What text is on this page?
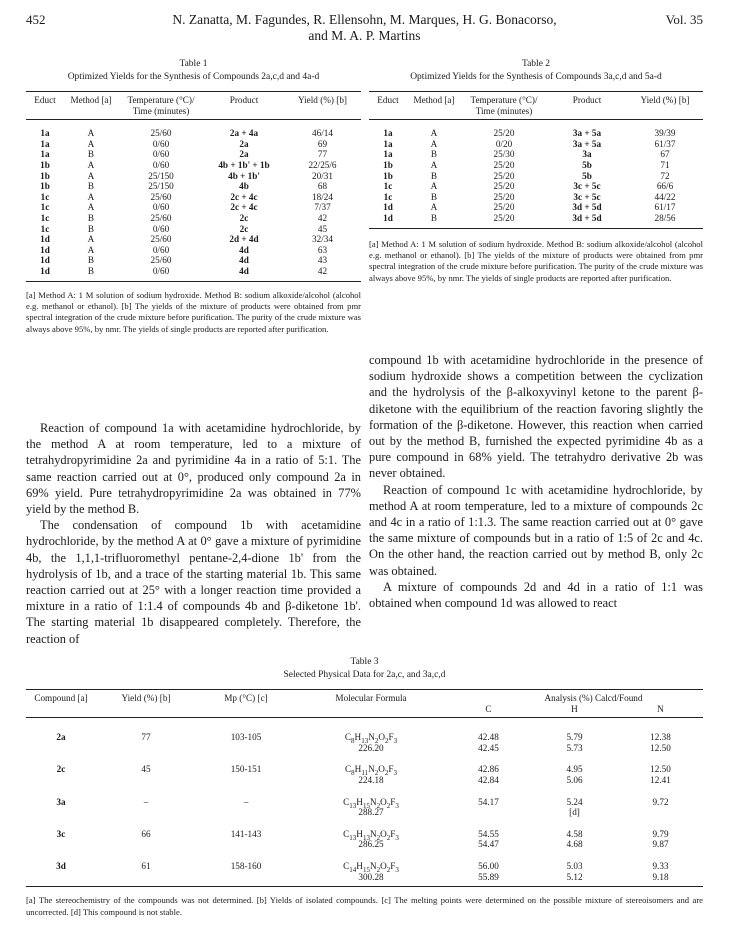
452	N. Zanatta, M. Fagundes, R. Ellensohn, M. Marques, H. G. Bonacorso,
and M. A. P. Martins
Vol. 35
Table 1
Optimized Yields for the Synthesis of Compounds 2a,c,d and 4a-d
Educt	Method [a]	Temperature (°C)/ Time (minutes)	Product	Yield (%) [b]
1a	A	25/60	2a + 4a	46/14
1a	A	0/60	2a	69
1a	B	0/60	2a	77
1b	A	0/60	4b + 1b' + 1b	22/25/6
1b	A	25/150	4b + 1b'	20/31
1b	B	25/150	4b	68
1c	A	25/60	2c + 4c	18/24
1c	A	0/60	2c + 4c	7/37
1c	B	25/60	2c	42
1c	B	0/60	2c	45
1d	A	25/60	2d + 4d	32/34
1d	A	0/60	4d	63
1d	B	25/60	4d	43
1d	B	0/60	4d	42
[a] Method A: 1 M solution of sodium hydroxide. Method B: sodium alkoxide/alcohol (alcohol e.g. methanol or ethanol). [b] The yields of the mixture of products were obtained from pmr spectral integration of the crude mixture before purification. The purity of the crude mixture was always above 95%, by nmr. The yields of single products are reported after purification.
Table 2
Optimized Yields for the Synthesis of Compounds 3a,c,d and 5a-d
Educt	Method [a]	Temperature (°C)/ Time (minutes)	Product	Yield (%) [b]
1a	A	25/20	3a + 5a	39/39
1a	A	0/20	3a + 5a	61/37
1a	B	25/30	3a	67
1b	A	25/20	5b	71
1b	B	25/20	5b	72
1c	A	25/20	3c + 5c	66/6
1c	B	25/20	3c + 5c	44/22
1d	A	25/20	3d + 5d	61/17
1d	B	25/20	3d + 5d	28/56
[a] Method A: 1 M solution of sodium hydroxide. Method B: sodium alkoxide/alcohol (alcohol e.g. methanol or ethanol). [b] The yields of the mixture of products were obtained from pmr spectral integration of the crude mixture before purification. The purity of the crude mixture was always above 95%, by nmr. The yields of single products are reported after purification.

Reaction of compound 1a with acetamidine hydrochloride, by the method A at room temperature, led to a mixture of tetrahydropyrimidine 2a and pyrimidine 4a in a ratio of 5:1. The same reaction carried out at 0°, produced only compound 2a in 69% yield. Pure tetrahydropyrimidine 2a was obtained in 77% yield by the method B.

The condensation of compound 1b with acetamidine hydrochloride, by the method A at 0° gave a mixture of pyrimidine 4b, the 1,1,1-trifluoromethyl pentane-2,4-dione 1b' from the hydrolysis of 1b, and a trace of the starting material 1b. This same reaction carried out at 25° with a longer reaction time provided a mixture in a ratio of 1:1.4 of compounds 4b and β-diketone 1b'. The starting material 1b disappeared completely. Therefore, the reaction of

compound 1b with acetamidine hydrochloride in the presence of sodium hydroxide shows a competition between the cyclization and the hydrolysis of the β-alkoxyvinyl ketone to the parent β-diketone with the equilibrium of the reaction favoring slightly the formation of the β-diketone. However, this reaction when carried out by the method B, furnished the expected pyrimidine 4b as a pure compound in 68% yield. The tetrahydro derivative 2b was never obtained.

Reaction of compound 1c with acetamidine hydrochloride, by method A at room temperature, led to a mixture of compounds 2c and 4c in a ratio of 1:1.3. The same reaction carried out at 0° gave the same mixture of compounds but in a ratio of 1:5 of 2c and 4c. On the other hand, the reaction carried out by method B, only 2c was obtained.

A mixture of compounds 2d and 4d in a ratio of 1:1 was obtained when compound 1d was allowed to react

Table 3
Selected Physical Data for 2a,c, and 3a,c,d
Compound [a]	Yield (%) [b]	Mp (°C) [c]	Molecular Formula	Analysis (%) Calcd/Found		
				C	H	N
2a	77	103-105	$C_8H_{13}N_2O_2F_3$	42.48	5.79	12.38
			226.20	42.45	5.73	12.50
2c	45	150-151	$C_8H_{11}N_2O_2F_3$	42.86	4.95	12.50
			224.18	42.84	5.06	12.41
3a	–	–	$C_{13}H_{15}N_2O_2F_3$	54.17	5.24	9.72
			288.27		[d]	
3c	66	141-143	$C_{13}H_{13}N_2O_2F_3$	54.55	4.58	9.79
			286.25	54.47	4.68	9.87
3d	61	158-160	$C_{14}H_{15}N_2O_2F_3$	56.00	5.03	9.33
			300.28	55.89	5.12	9.18
[a] The stereochemistry of the compounds was not determined. [b] Yields of isolated compounds. [c] The melting points were determined on the possible mixture of stereoisomers and are uncorrected. [d] This compound is not stable.
